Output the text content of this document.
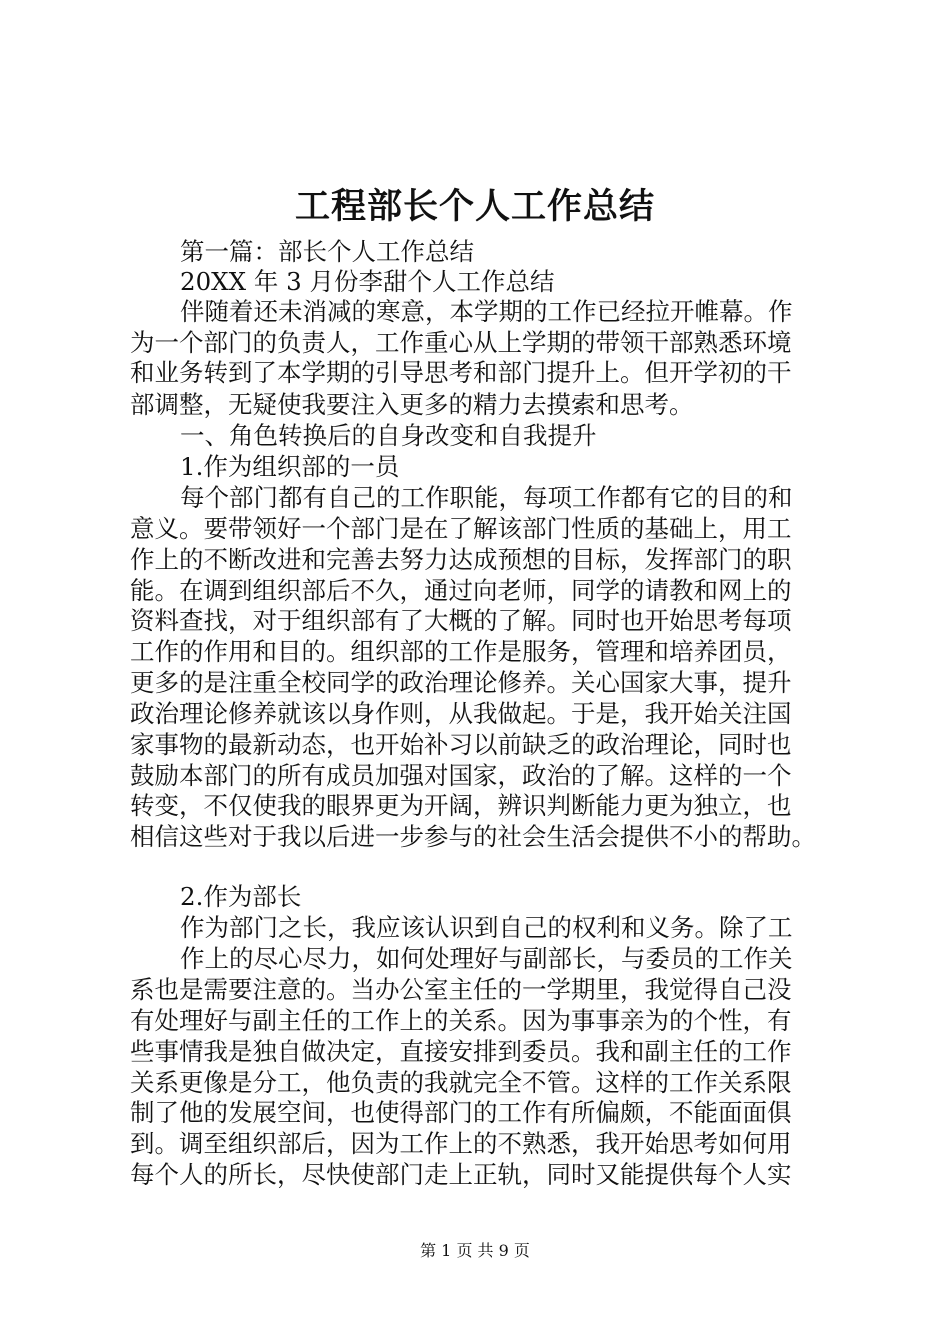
工程部长个人工作总结
第一篇：部长个人工作总结
20XX 年 3 月份李甜个人工作总结
伴随着还未消减的寒意，本学期的工作已经拉开帷幕。作
为一个部门的负责人，工作重心从上学期的带领干部熟悉环境
和业务转到了本学期的引导思考和部门提升上。但开学初的干
部调整，无疑使我要注入更多的精力去摸索和思考。
一、角色转换后的自身改变和自我提升
1.作为组织部的一员
每个部门都有自己的工作职能，每项工作都有它的目的和
意义。要带领好一个部门是在了解该部门性质的基础上，用工
作上的不断改进和完善去努力达成预想的目标，发挥部门的职
能。在调到组织部后不久，通过向老师，同学的请教和网上的
资料查找，对于组织部有了大概的了解。同时也开始思考每项
工作的作用和目的。组织部的工作是服务，管理和培养团员，
更多的是注重全校同学的政治理论修养。关心国家大事，提升
政治理论修养就该以身作则，从我做起。于是，我开始关注国
家事物的最新动态，也开始补习以前缺乏的政治理论，同时也
鼓励本部门的所有成员加强对国家，政治的了解。这样的一个
转变，不仅使我的眼界更为开阔，辨识判断能力更为独立，也
相信这些对于我以后进一步参与的社会生活会提供不小的帮助。
2.作为部长
作为部门之长，我应该认识到自己的权利和义务。除了工
作上的尽心尽力，如何处理好与副部长，与委员的工作关
系也是需要注意的。当办公室主任的一学期里，我觉得自己没
有处理好与副主任的工作上的关系。因为事事亲为的个性，有
些事情我是独自做决定，直接安排到委员。我和副主任的工作
关系更像是分工，他负责的我就完全不管。这样的工作关系限
制了他的发展空间，也使得部门的工作有所偏颇，不能面面俱
到。调至组织部后，因为工作上的不熟悉，我开始思考如何用
每个人的所长，尽快使部门走上正轨，同时又能提供每个人实
第 1 页 共 9 页
